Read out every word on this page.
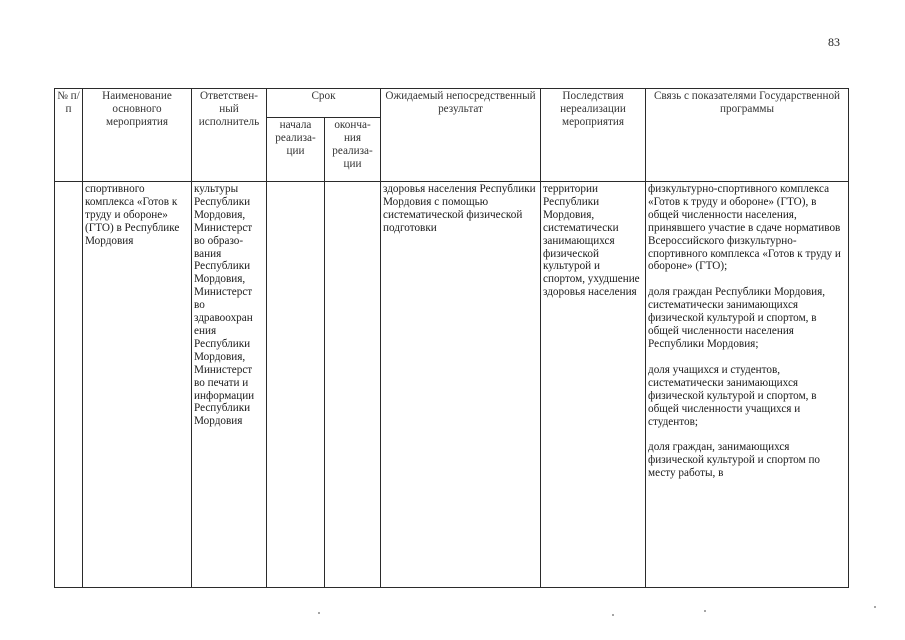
83
№ п/п	Наименование основного мероприятия	Ответствен-ный исполнитель	Срок		Ожидаемый непосредственный результат	Последствия нереализации мероприятия	Связь с показателями Государственной программы
			начала реализа-ции	оконча-ния реализа-ции			
	спортивного комплекса «Готов к труду и обороне» (ГТО) в Республике Мордовия	культуры Республики Мордовия, Министерст во образо-вания Республики Мордовия, Министерст во здравоохран ения Республики Мордовия, Министерст во печати и информации Республики Мордовия			здоровья населения Республики Мордовия с помощью систематической физической подготовки	территории Республики Мордовия, систематически занимающихся физической культурой и спортом, ухудшение здоровья населения	физкультурно-спортивного комплекса «Готов к труду и обороне» (ГТО), в общей численности населения, принявшего участие в сдаче нормативов Всероссийского физкультурно-спортивного комплекса «Готов к труду и обороне» (ГТО);
доля граждан Республики Мордовия, систематически занимающихся физической культурой и спортом, в общей численности населения Республики Мордовия;
доля учащихся и студентов, систематически занимающихся физической культурой и спортом, в общей численности учащихся и студентов;
доля граждан, занимающихся физической культурой и спортом по месту работы, в
